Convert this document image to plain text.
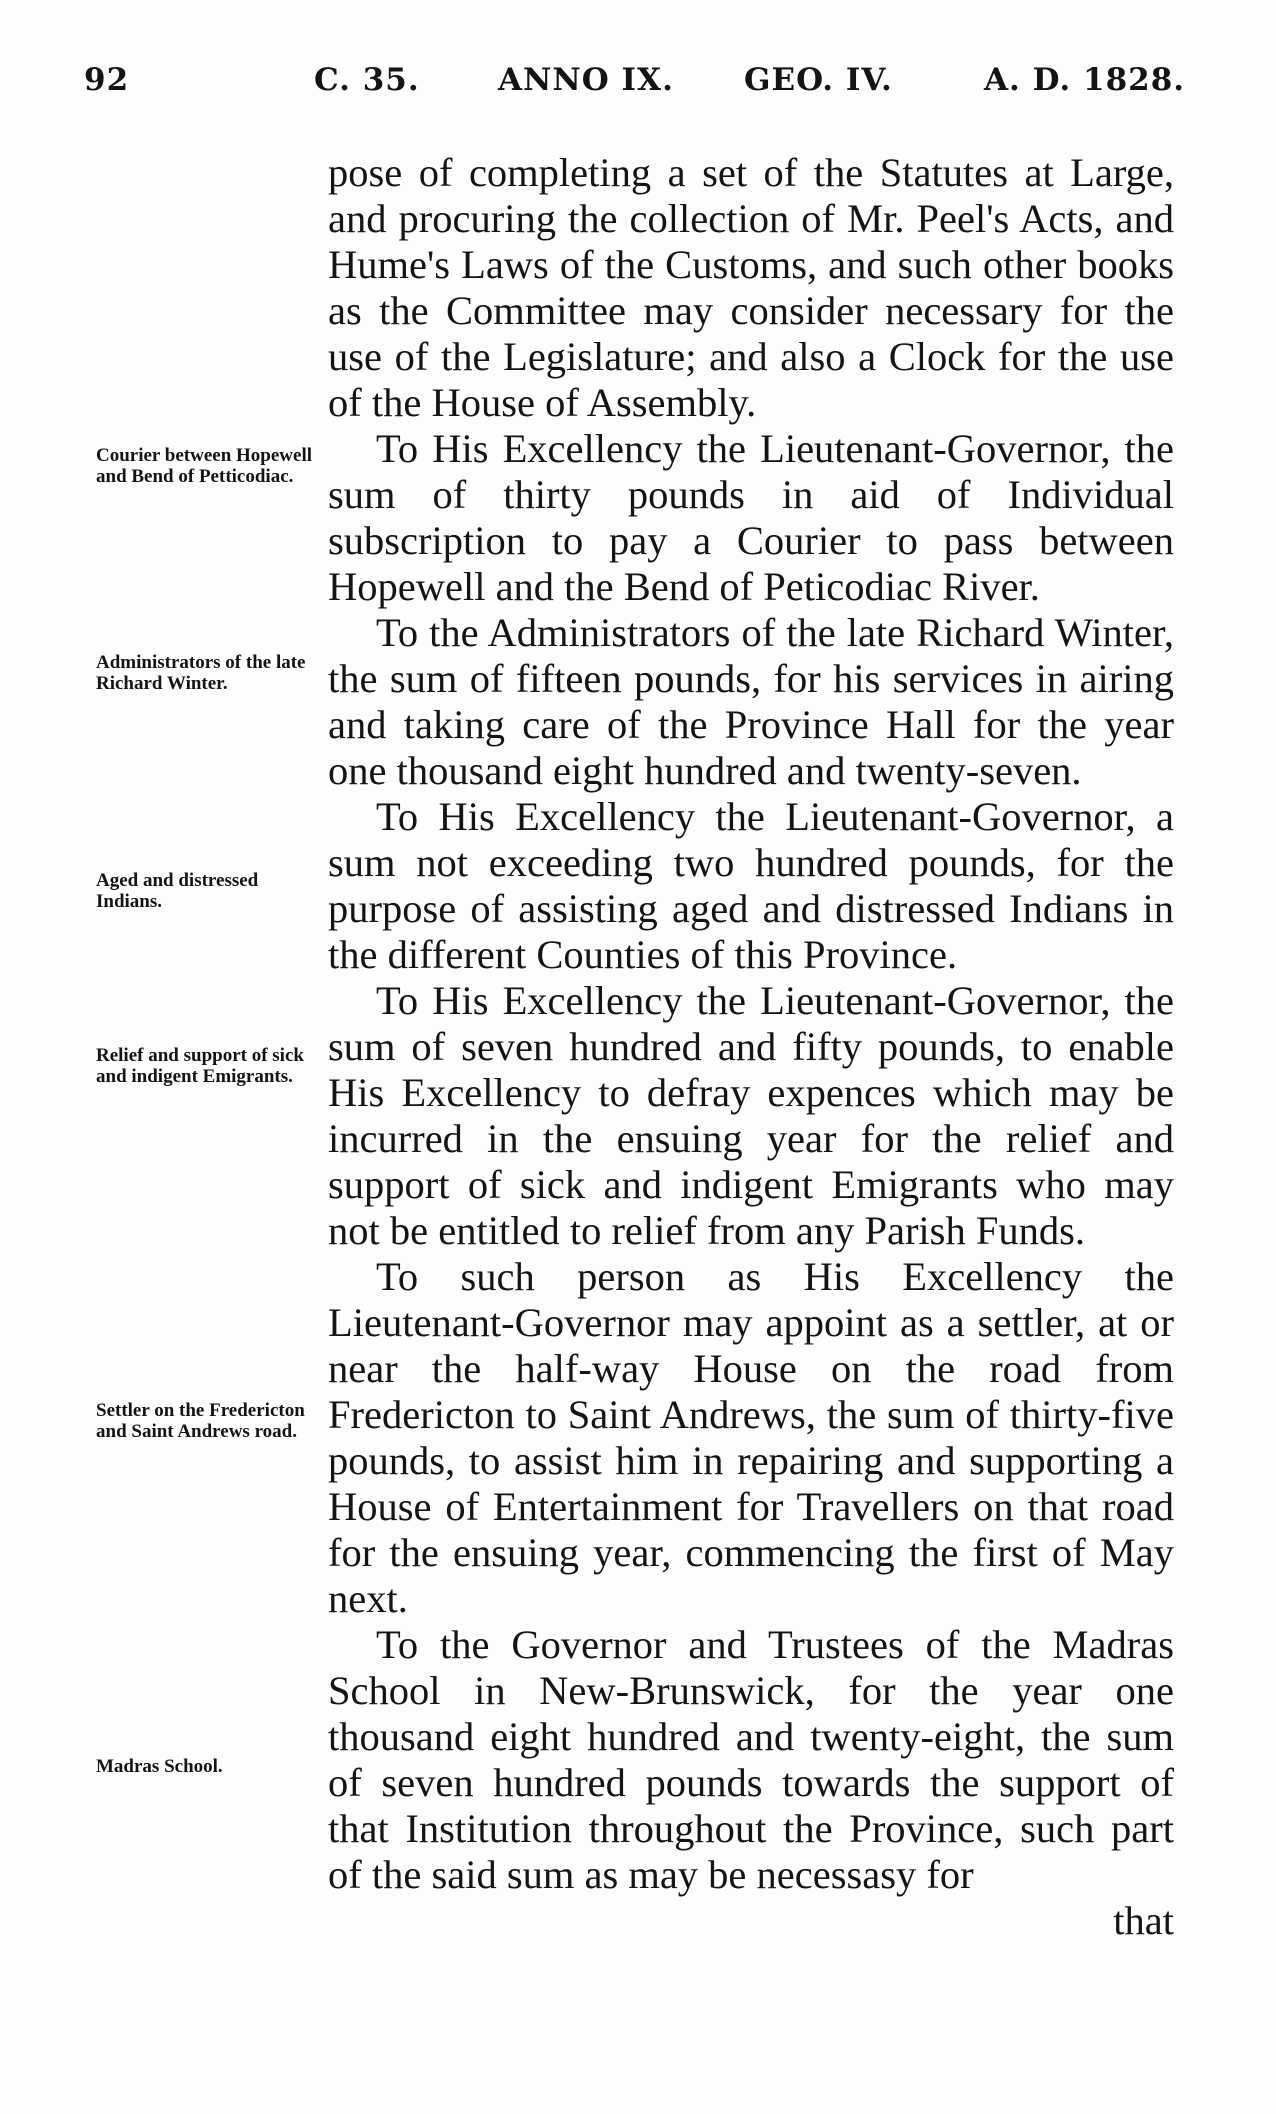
92	C. 35.	ANNO IX. GEO. IV.	A. D. 1828.
Courier between Hopewell and Bend of Petticodiac.
Administrators of the late Richard Winter.
Aged and distressed Indians.
Relief and support of sick and indigent Emigrants.
Settler on the Fredericton and Saint Andrews road.
Madras School.

pose of completing a set of the Statutes at Large, and procuring the collection of Mr. Peel's Acts, and Hume's Laws of the Customs, and such other books as the Committee may consider necessary for the use of the Legislature; and also a Clock for the use of the House of Assembly.

To His Excellency the Lieutenant-Governor, the sum of thirty pounds in aid of Individual subscription to pay a Courier to pass between Hopewell and the Bend of Peticodiac River.

To the Administrators of the late Richard Winter, the sum of fifteen pounds, for his services in airing and taking care of the Province Hall for the year one thousand eight hundred and twenty-seven.

To His Excellency the Lieutenant-Governor, a sum not exceeding two hundred pounds, for the purpose of assisting aged and distressed Indians in the different Counties of this Province.

To His Excellency the Lieutenant-Governor, the sum of seven hundred and fifty pounds, to enable His Excellency to defray expences which may be incurred in the ensuing year for the relief and support of sick and indigent Emigrants who may not be entitled to relief from any Parish Funds.

To such person as His Excellency the Lieutenant-Governor may appoint as a settler, at or near the half-way House on the road from Fredericton to Saint Andrews, the sum of thirty-five pounds, to assist him in repairing and supporting a House of Entertainment for Travellers on that road for the ensuing year, commencing the first of May next.

To the Governor and Trustees of the Madras School in New-Brunswick, for the year one thousand eight hundred and twenty-eight, the sum of seven hundred pounds towards the support of that Institution throughout the Province, such part of the said sum as may be necessasy for

that
